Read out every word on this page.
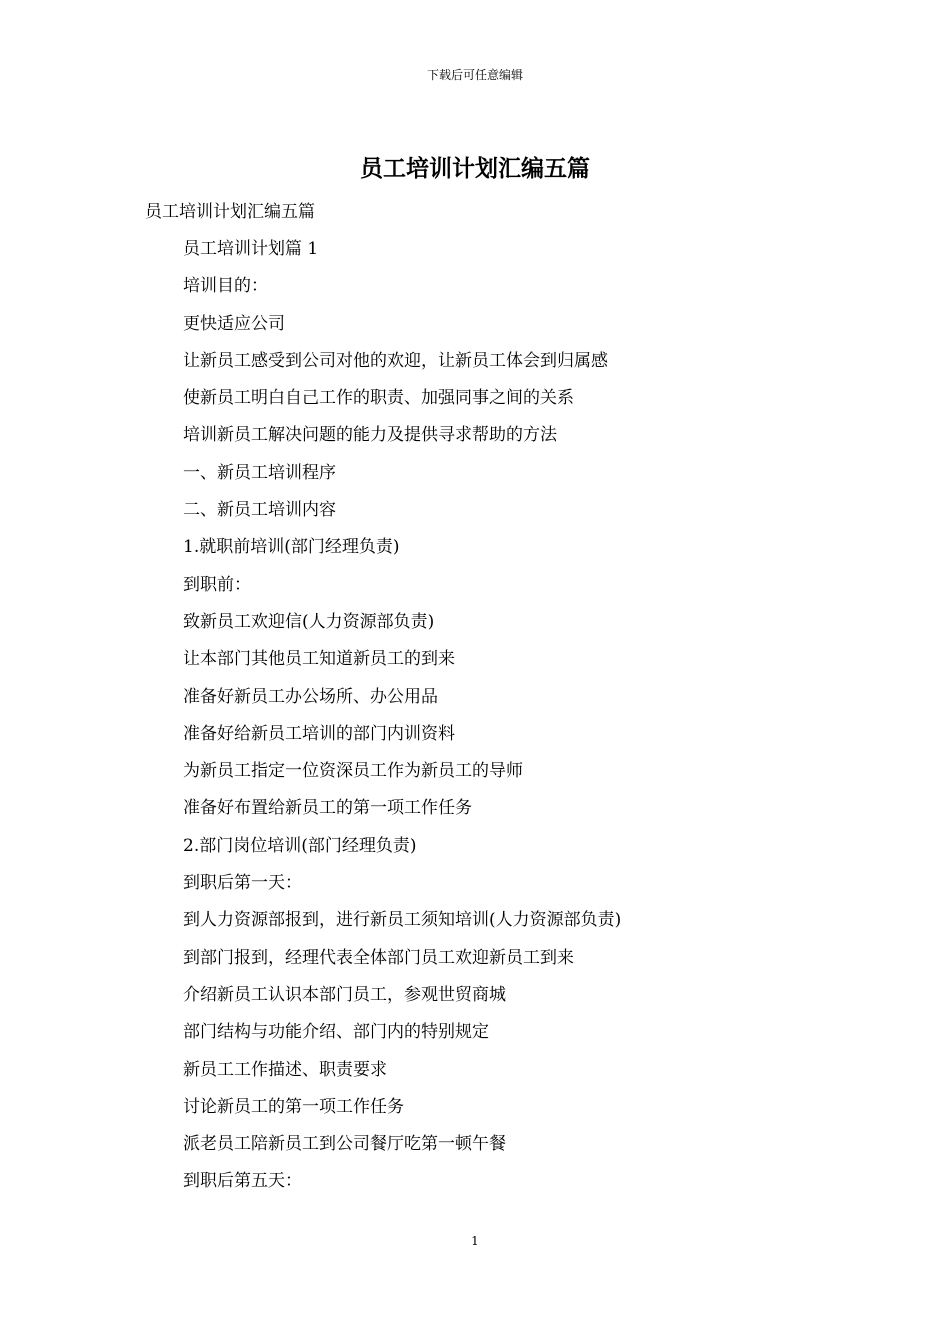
下载后可任意编辑
员工培训计划汇编五篇
员工培训计划汇编五篇
员工培训计划篇 1
培训目的：
更快适应公司
让新员工感受到公司对他的欢迎，让新员工体会到归属感
使新员工明白自己工作的职责、加强同事之间的关系
培训新员工解决问题的能力及提供寻求帮助的方法
一、新员工培训程序
二、新员工培训内容
1.就职前培训(部门经理负责)
到职前：
致新员工欢迎信(人力资源部负责)
让本部门其他员工知道新员工的到来
准备好新员工办公场所、办公用品
准备好给新员工培训的部门内训资料
为新员工指定一位资深员工作为新员工的导师
准备好布置给新员工的第一项工作任务
2.部门岗位培训(部门经理负责)
到职后第一天：
到人力资源部报到，进行新员工须知培训(人力资源部负责)
到部门报到，经理代表全体部门员工欢迎新员工到来
介绍新员工认识本部门员工，参观世贸商城
部门结构与功能介绍、部门内的特别规定
新员工工作描述、职责要求
讨论新员工的第一项工作任务
派老员工陪新员工到公司餐厅吃第一顿午餐
到职后第五天：
1
